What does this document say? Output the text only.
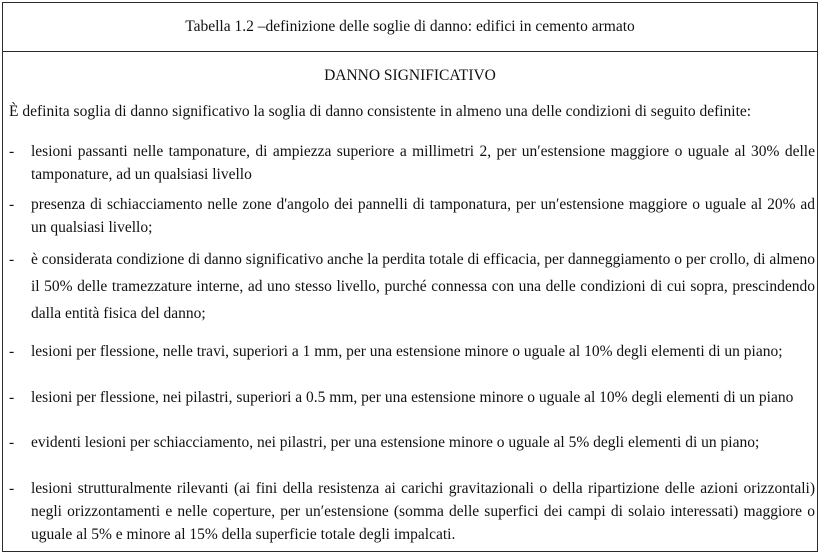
Tabella 1.2 –definizione delle soglie di danno: edifici in cemento armato
DANNO SIGNIFICATIVO
È definita soglia di danno significativo la soglia di danno consistente in almeno una delle condizioni di seguito definite:
-	lesioni passanti nelle tamponature, di ampiezza superiore a millimetri 2, per un′estensione maggiore o uguale al 30% delle tamponature, ad un qualsiasi livello
-	presenza di schiacciamento nelle zone d'angolo dei pannelli di tamponatura, per un′estensione maggiore o uguale al 20% ad un qualsiasi livello;
-	è considerata condizione di danno significativo anche la perdita totale di efficacia, per danneggiamento o per crollo, di almeno il 50% delle tramezzature interne, ad uno stesso livello, purché connessa con una delle condizioni di cui sopra, prescindendo dalla entità fisica del danno;
-	lesioni per flessione, nelle travi, superiori a 1 mm, per una estensione minore o uguale al 10% degli elementi di un piano;
-	lesioni per flessione, nei pilastri, superiori a 0.5 mm, per una estensione minore o uguale al 10% degli elementi di un piano
-	evidenti lesioni per schiacciamento, nei pilastri, per una estensione minore o uguale al 5% degli elementi di un piano;
-	lesioni strutturalmente rilevanti (ai fini della resistenza ai carichi gravitazionali o della ripartizione delle azioni orizzontali) negli orizzontamenti e nelle coperture, per un′estensione (somma delle superfici dei campi di solaio interessati) maggiore o uguale al 5% e minore al 15% della superficie totale degli impalcati.
